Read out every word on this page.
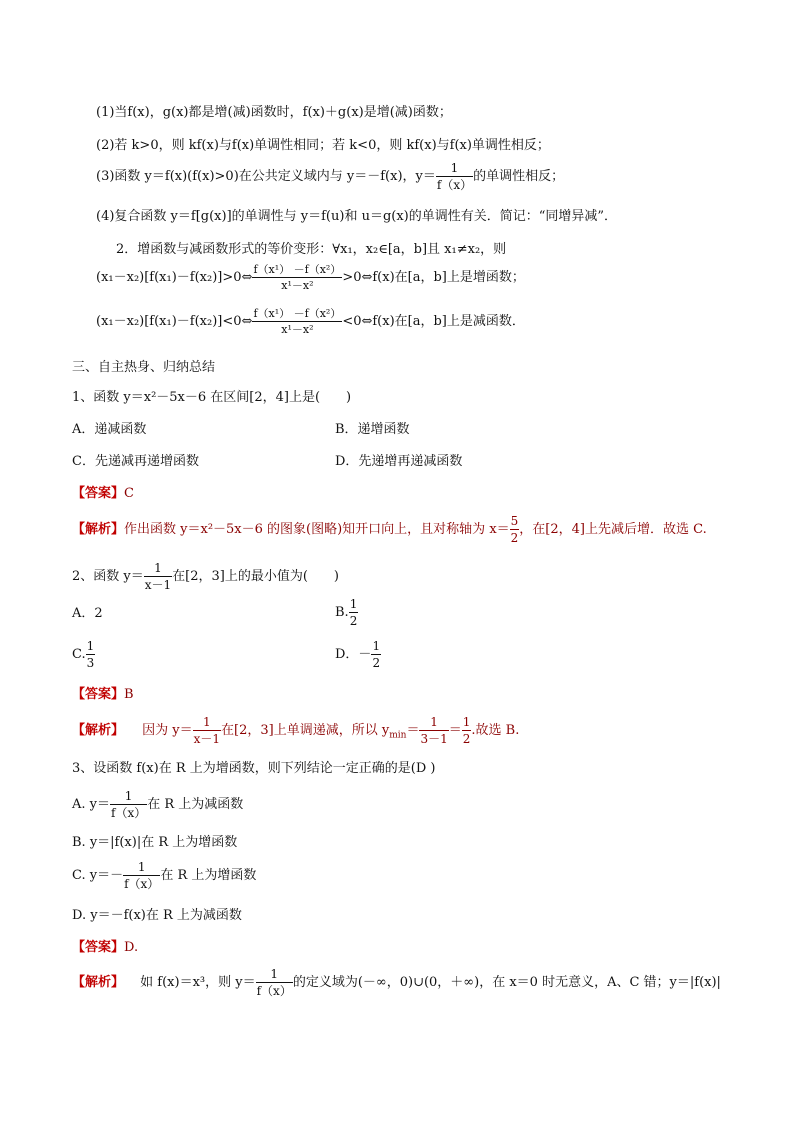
(1)当f(x)，g(x)都是增(减)函数时，f(x)＋g(x)是增(减)函数；
(2)若 k>0，则 kf(x)与f(x)单调性相同；若 k<0，则 kf(x)与f(x)单调性相反；
(3)函数 y＝f(x)(f(x)>0)在公共定义域内与 y＝－f(x)，$y= \frac{1}{f(x)}$ 的单调性相反；
(4)复合函数 y＝f[g(x)]的单调性与 y＝f(u)和 u＝g(x)的单调性有关．简记：“同增异减”．
2．增函数与减函数形式的等价变形：∀x₁，x₂∈[a，b]且 x₁≠x₂，则
(x₁－x₂)[f(x₁)－f(x₂)]>0⇔ $\frac{\text{f（x¹） －f（x²）}}{\text{x¹－x²}}$ >0⇔f(x)在[a，b]上是增函数；
(x₁－x₂)[f(x₁)－f(x₂)]<0⇔ $\frac{\text{f（x¹） －f（x²）}}{\text{x¹－x²}}$ <0⇔f(x)在[a，b]上是减函数．
三、自主热身、归纳总结
1、函数 y＝x²－5x－6 在区间[2，4]上是(　　)
A．递减函数	B．递增函数
C．先递减再递增函数	D．先递增再递减函数
【答案】C
【解析】作出函数 y＝x²－5x－6 的图象(图略)知开口向上，且对称轴为 $x= \frac{5}{2}$ ，在[2，4]上先减后增．故选 C.
2、函数 $y= \frac{1}{x-1}$ 在[2，3]上的最小值为(　　)
A．2	B. $\frac{1}{2}$
C. $\frac{1}{3}$	D．－ $\frac{1}{2}$
【答案】B
【解析】 因为 $y= \frac{1}{x-1}$ 在[2，3]上单调递减，所以 $y_{min}= \frac{1}{3-1} = \frac{1}{2}$ .故选 B.
3、设函数 f(x)在 R 上为增函数，则下列结论一定正确的是(D )
A. $y= \frac{1}{f(x)}$ 在 R 上为减函数
B. y＝|f(x)|在 R 上为增函数
C. $y=- \frac{1}{f(x)}$ 在 R 上为增函数
D. y＝－f(x)在 R 上为减函数
【答案】D.
【解析】 如 f(x)＝x³，则 $y= \frac{1}{f(x)}$ 的定义域为(－∞，0)∪(0，＋∞)，在 x＝0 时无意义，A、C 错；y＝|f(x)|
